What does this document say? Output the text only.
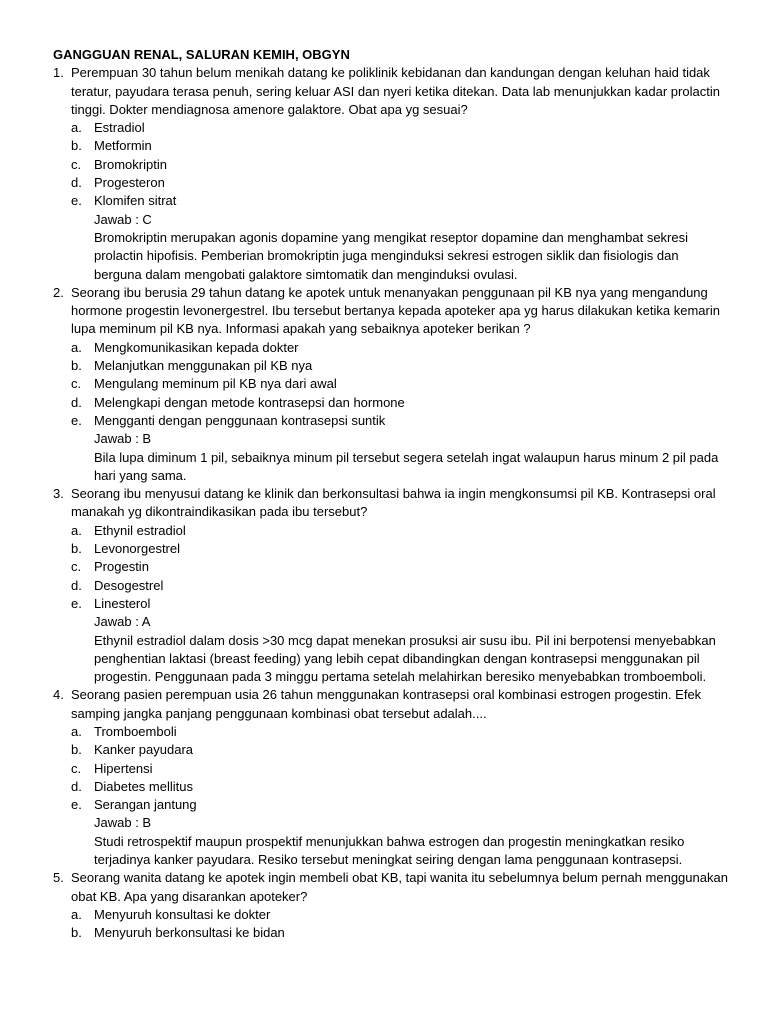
GANGGUAN RENAL, SALURAN KEMIH, OBGYN
1. Perempuan 30 tahun belum menikah datang ke poliklinik kebidanan dan kandungan dengan keluhan haid tidak teratur, payudara terasa penuh, sering keluar ASI dan nyeri ketika ditekan. Data lab menunjukkan kadar prolactin tinggi. Dokter mendiagnosa amenore galaktore. Obat apa yg sesuai?
a. Estradiol
b. Metformin
c. Bromokriptin
d. Progesteron
e. Klomifen sitrat
Jawab : C
Bromokriptin merupakan agonis dopamine yang mengikat reseptor dopamine dan menghambat sekresi prolactin hipofisis. Pemberian bromokriptin juga menginduksi sekresi estrogen siklik dan fisiologis dan berguna dalam mengobati galaktore simtomatik dan menginduksi ovulasi.
2. Seorang ibu berusia 29 tahun datang ke apotek untuk menanyakan penggunaan pil KB nya yang mengandung hormone progestin levonergestrel. Ibu tersebut bertanya kepada apoteker apa yg harus dilakukan ketika kemarin lupa meminum pil KB nya. Informasi apakah yang sebaiknya apoteker berikan ?
a. Mengkomunikasikan kepada dokter
b. Melanjutkan menggunakan pil KB nya
c. Mengulang meminum pil KB nya dari awal
d. Melengkapi dengan metode kontrasepsi dan hormone
e. Mengganti dengan penggunaan kontrasepsi suntik
Jawab : B
Bila lupa diminum 1 pil, sebaiknya minum pil tersebut segera setelah ingat walaupun harus minum 2 pil pada hari yang sama.
3. Seorang ibu menyusui datang ke klinik dan berkonsultasi bahwa ia ingin mengkonsumsi pil KB. Kontrasepsi oral manakah yg dikontraindikasikan pada ibu tersebut?
a. Ethynil estradiol
b. Levonorgestrel
c. Progestin
d. Desogestrel
e. Linesterol
Jawab : A
Ethynil estradiol dalam dosis >30 mcg dapat menekan prosuksi air susu ibu. Pil ini berpotensi menyebabkan penghentian laktasi (breast feeding) yang lebih cepat dibandingkan dengan kontrasepsi menggunakan pil progestin. Penggunaan pada 3 minggu pertama setelah melahirkan beresiko menyebabkan tromboemboli.
4. Seorang pasien perempuan usia 26 tahun menggunakan kontrasepsi oral kombinasi estrogen progestin. Efek samping jangka panjang penggunaan kombinasi obat tersebut adalah....
a. Tromboemboli
b. Kanker payudara
c. Hipertensi
d. Diabetes mellitus
e. Serangan jantung
Jawab : B
Studi retrospektif maupun prospektif menunjukkan bahwa estrogen dan progestin meningkatkan resiko terjadinya kanker payudara. Resiko tersebut meningkat seiring dengan lama penggunaan kontrasepsi.
5. Seorang wanita datang ke apotek ingin membeli obat KB, tapi wanita itu sebelumnya belum pernah menggunakan obat KB. Apa yang disarankan apoteker?
a. Menyuruh konsultasi ke dokter
b. Menyuruh berkonsultasi ke bidan
